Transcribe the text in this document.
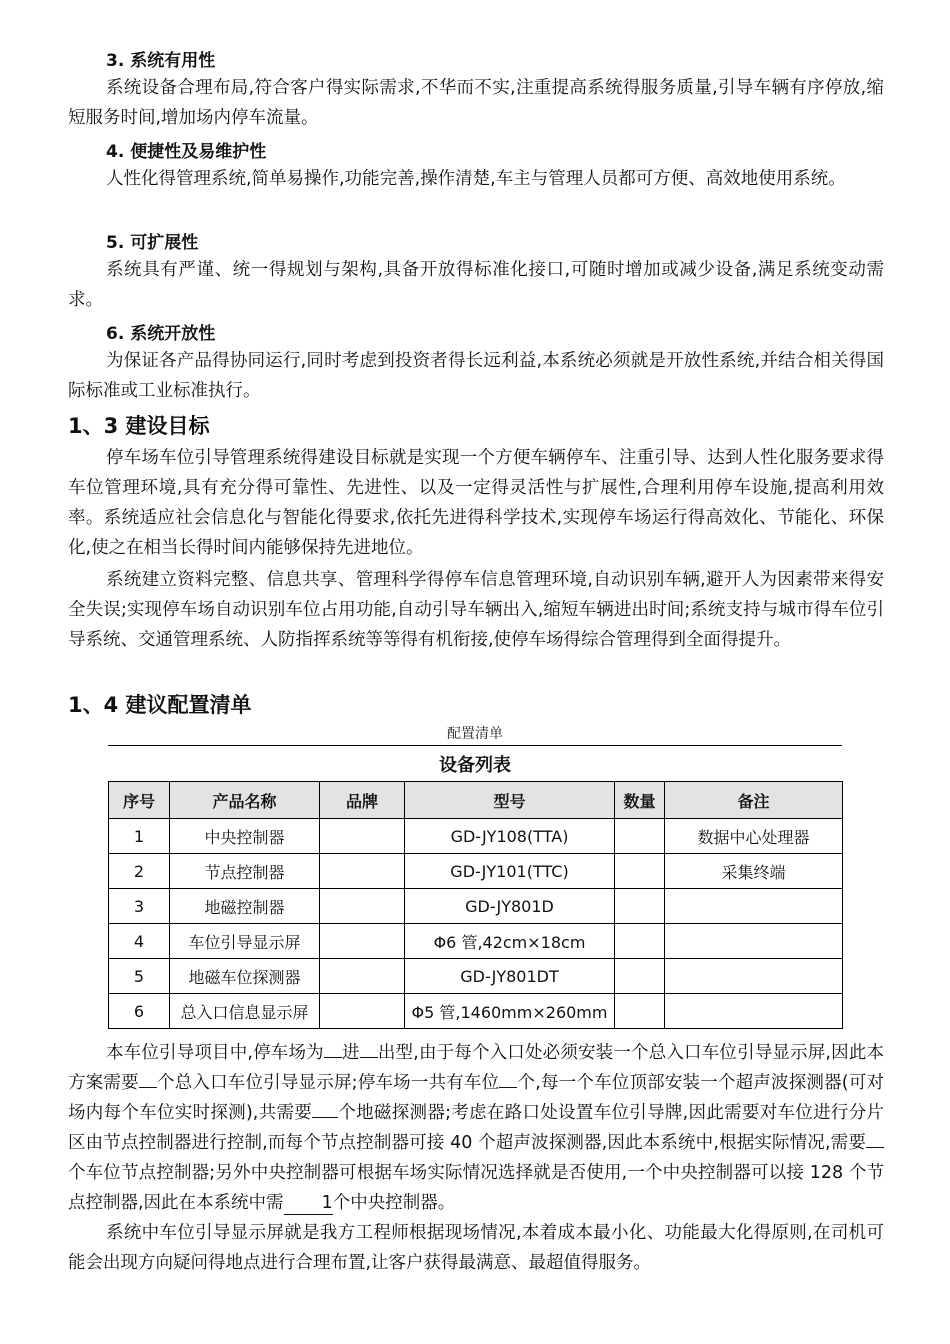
3. 系统有用性

系统设备合理布局,符合客户得实际需求,不华而不实,注重提高系统得服务质量,引导车辆有序停放,缩短服务时间,增加场内停车流量。

4. 便捷性及易维护性

人性化得管理系统,简单易操作,功能完善,操作清楚,车主与管理人员都可方便、高效地使用系统。

5. 可扩展性

系统具有严谨、统一得规划与架构,具备开放得标准化接口,可随时增加或减少设备,满足系统变动需求。

6. 系统开放性

为保证各产品得协同运行,同时考虑到投资者得长远利益,本系统必须就是开放性系统,并结合相关得国际标准或工业标准执行。

1、3 建设目标

停车场车位引导管理系统得建设目标就是实现一个方便车辆停车、注重引导、达到人性化服务要求得车位管理环境,具有充分得可靠性、先进性、以及一定得灵活性与扩展性,合理利用停车设施,提高利用效率。系统适应社会信息化与智能化得要求,依托先进得科学技术,实现停车场运行得高效化、节能化、环保化,使之在相当长得时间内能够保持先进地位。

系统建立资料完整、信息共享、管理科学得停车信息管理环境,自动识别车辆,避开人为因素带来得安全失误;实现停车场自动识别车位占用功能,自动引导车辆出入,缩短车辆进出时间;系统支持与城市得车位引导系统、交通管理系统、人防指挥系统等等得有机衔接,使停车场得综合管理得到全面得提升。

1、4 建议配置清单
配置清单
设备列表
序号	产品名称	品牌	型号	数量	备注
1	中央控制器		GD-JY108(TTA)		数据中心处理器
2	节点控制器		GD-JY101(TTC)		采集终端
3	地磁控制器		GD-JY801D		
4	车位引导显示屏		Φ6 管,42cm×18cm		
5	地磁车位探测器		GD-JY801DT		
6	总入口信息显示屏		Φ5 管,1460mm×260mm		

本车位引导项目中,停车场为 进 出型,由于每个入口处必须安装一个总入口车位引导显示屏,因此本方案需要 个总入口车位引导显示屏;停车场一共有车位 个,每一个车位顶部安装一个超声波探测器(可对场内每个车位实时探测),共需要 个地磁探测器;考虑在路口处设置车位引导牌,因此需要对车位进行分片区由节点控制器进行控制,而每个节点控制器可接 40 个超声波探测器,因此本系统中,根据实际情况,需要个车位节点控制器;另外中央控制器可根据车场实际情况选择就是否使用,一个中央控制器可以接 128 个节点控制器,因此在本系统中需 1个中央控制器。

系统中车位引导显示屏就是我方工程师根据现场情况,本着成本最小化、功能最大化得原则,在司机可能会出现方向疑问得地点进行合理布置,让客户获得最满意、最超值得服务。
